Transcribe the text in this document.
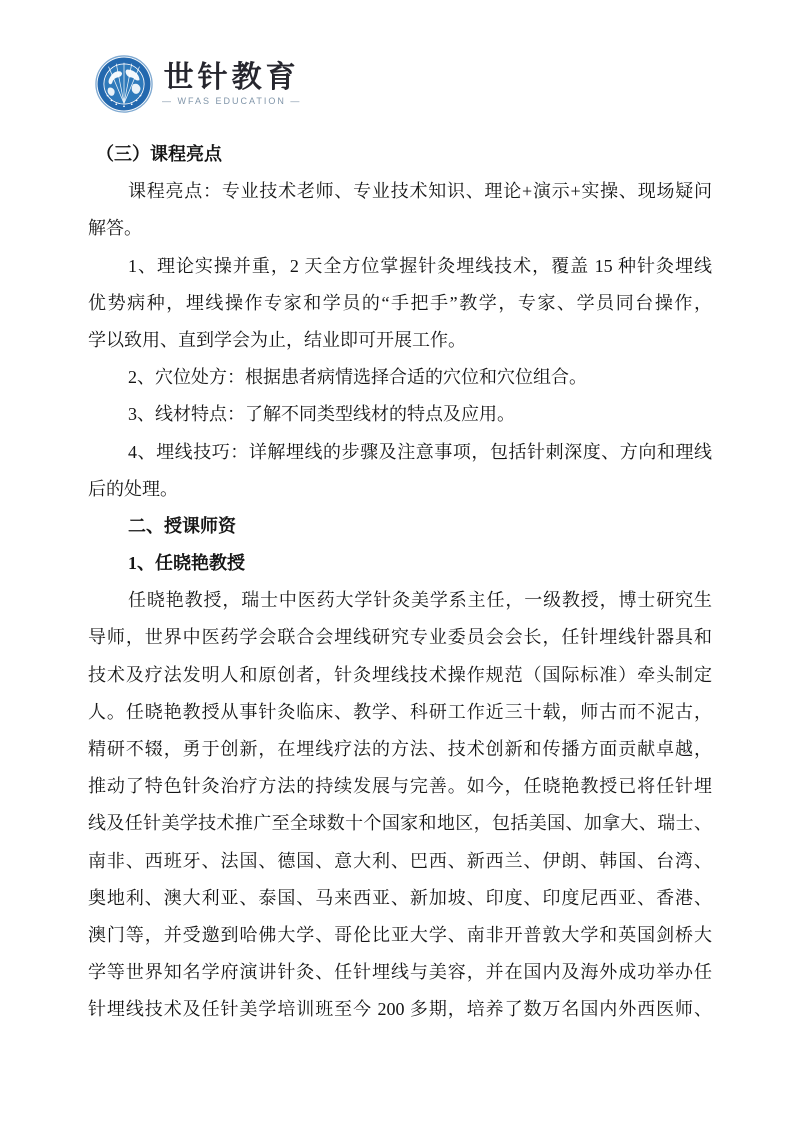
世针教育
— WFAS EDUCATION —
（三）课程亮点
课程亮点：专业技术老师、专业技术知识、理论+演示+实操、现场疑问
解答。
1、理论实操并重，2 天全方位掌握针灸埋线技术，覆盖 15 种针灸埋线
优势病种，埋线操作专家和学员的“手把手”教学，专家、学员同台操作，
学以致用、直到学会为止，结业即可开展工作。
2、穴位处方：根据患者病情选择合适的穴位和穴位组合。
3、线材特点：了解不同类型线材的特点及应用。
4、埋线技巧：详解埋线的步骤及注意事项，包括针刺深度、方向和理线
后的处理。
二、授课师资
1、任晓艳教授
任晓艳教授，瑞士中医药大学针灸美学系主任，一级教授，博士研究生
导师，世界中医药学会联合会埋线研究专业委员会会长，任针埋线针器具和
技术及疗法发明人和原创者，针灸埋线技术操作规范（国际标准）牵头制定
人。任晓艳教授从事针灸临床、教学、科研工作近三十载，师古而不泥古，
精研不辍，勇于创新，在埋线疗法的方法、技术创新和传播方面贡献卓越，
推动了特色针灸治疗方法的持续发展与完善。如今，任晓艳教授已将任针埋
线及任针美学技术推广至全球数十个国家和地区，包括美国、加拿大、瑞士、
南非、西班牙、法国、德国、意大利、巴西、新西兰、伊朗、韩国、台湾、
奥地利、澳大利亚、泰国、马来西亚、新加坡、印度、印度尼西亚、香港、
澳门等，并受邀到哈佛大学、哥伦比亚大学、南非开普敦大学和英国剑桥大
学等世界知名学府演讲针灸、任针埋线与美容，并在国内及海外成功举办任
针埋线技术及任针美学培训班至今 200 多期，培养了数万名国内外西医师、
